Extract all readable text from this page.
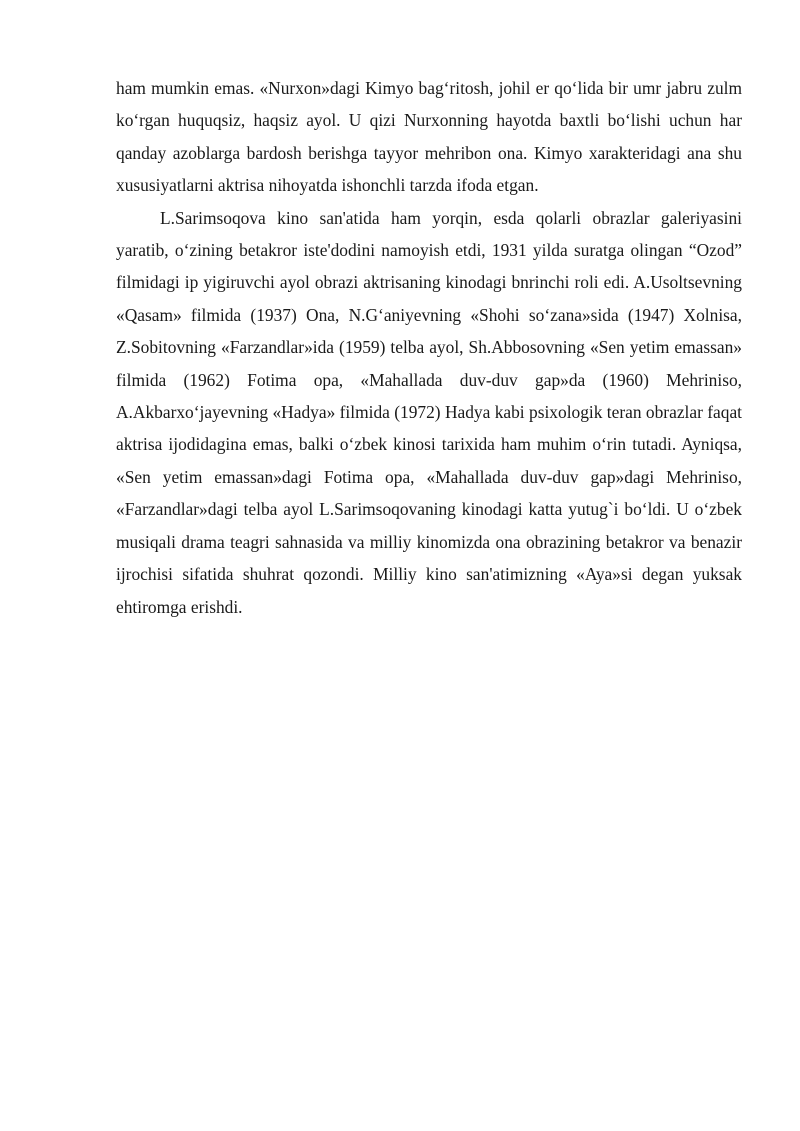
ham mumkin emas. «Nurxon»dagi Kimyo bag‘ritosh, johil er qo‘lida bir umr jabru zulm ko‘rgan huquqsiz, haqsiz ayol. U qizi Nurxonning hayotda baxtli bo‘lishi uchun har qanday azoblarga bardosh berishga tayyor mehribon ona. Kimyo xarakteridagi ana shu xususiyatlarni aktrisa nihoyatda ishonchli tarzda ifoda etgan.

L.Sarimsoqova kino san'atida ham yorqin, esda qolarli obrazlar galeriyasini yaratib, o‘zining betakror iste'dodini namoyish etdi, 1931 yilda suratga olingan “Ozod” filmidagi ip yigiruvchi ayol obrazi aktrisaning kinodagi bnrinchi roli edi. A.Usoltsevning «Qasam» filmida (1937) Ona, N.G‘aniyevning «Shohi so‘zana»sida (1947) Xolnisa, Z.Sobitovning «Farzandlar»ida (1959) telba ayol, Sh.Abbosovning «Sen yetim emassan» filmida (1962) Fotima opa, «Mahallada duv-duv gap»da (1960) Mehriniso, A.Akbarxo‘jayevning «Hadya» filmida (1972) Hadya kabi psixologik teran obrazlar faqat aktrisa ijodidagina emas, balki o‘zbek kinosi tarixida ham muhim o‘rin tutadi. Ayniqsa, «Sen yetim emassan»dagi Fotima opa, «Mahallada duv-duv gap»dagi Mehriniso, «Farzandlar»dagi telba ayol L.Sarimsoqovaning kinodagi katta yutug`i bo‘ldi. U o‘zbek musiqali drama teagri sahnasida va milliy kinomizda ona obrazining betakror va benazir ijrochisi sifatida shuhrat qozondi. Milliy kino san'atimizning «Aya»si degan yuksak ehtiromga erishdi.
